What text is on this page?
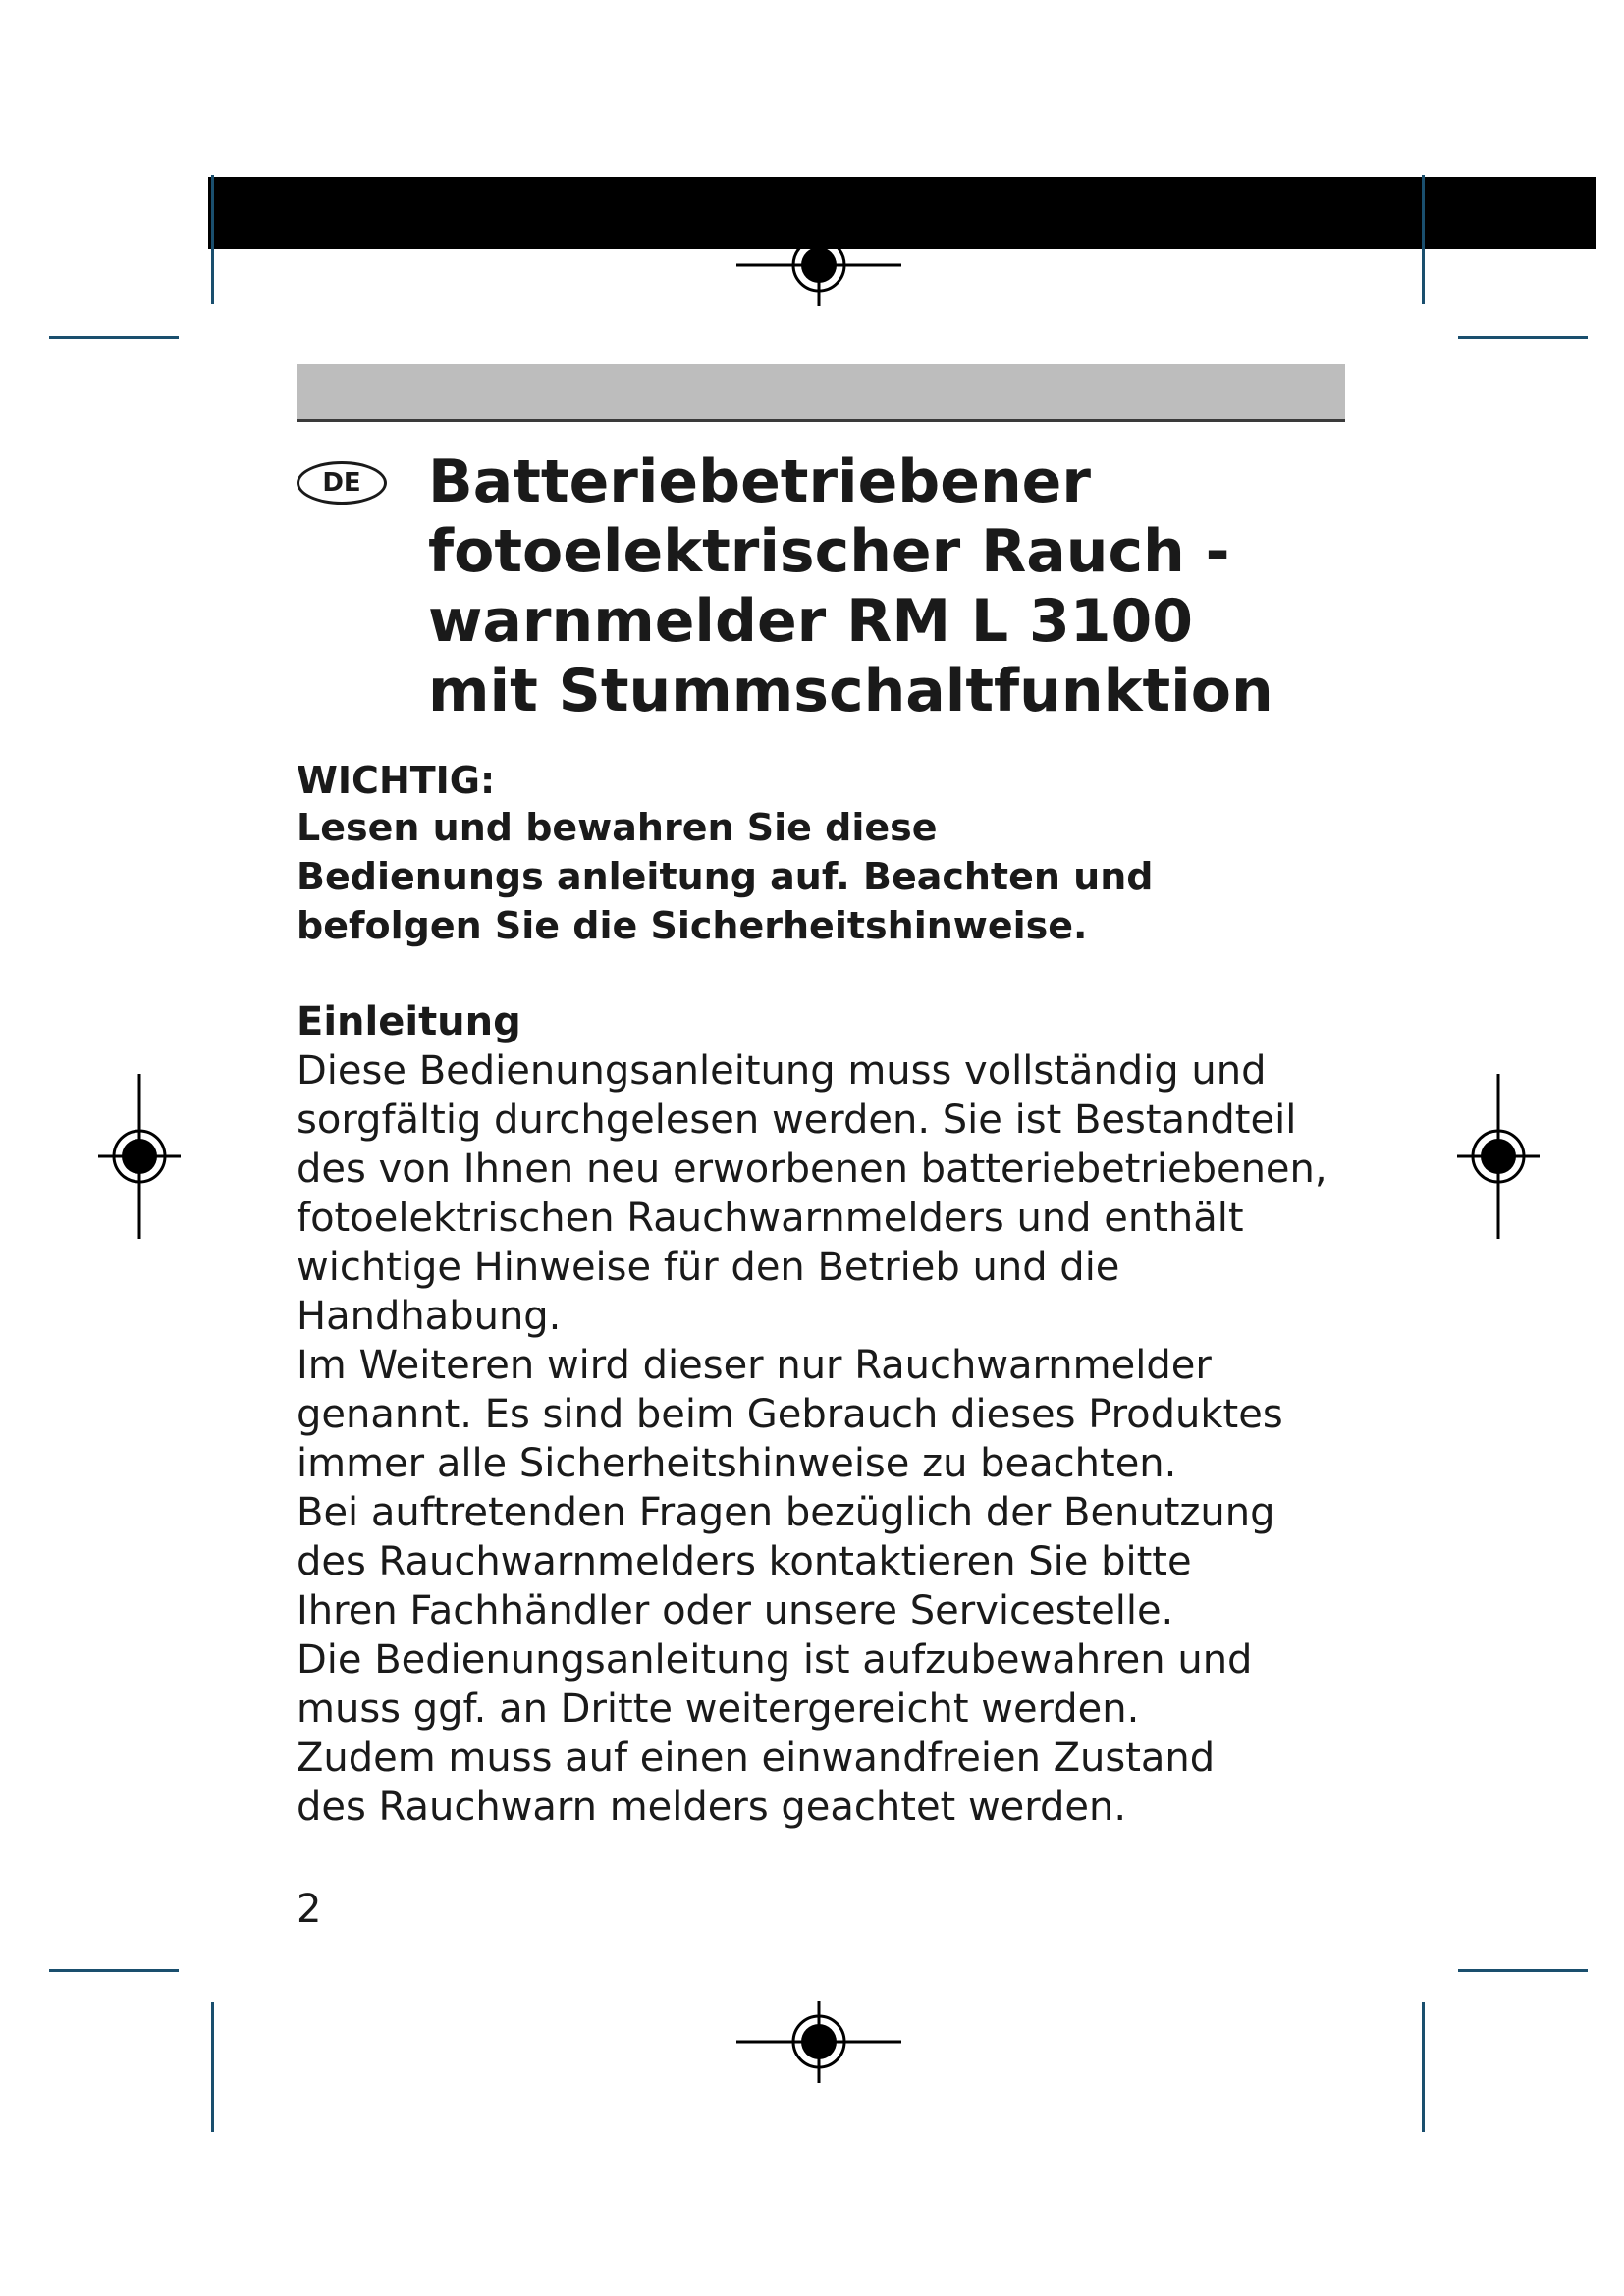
DE Batteriebetriebener
fotoelektrischer Rauch -
warnmelder RM L 3100
mit Stummschaltfunktion
WICHTIG:
Lesen und bewahren Sie diese
Bedienungs anleitung auf. Beachten und
befolgen Sie die Sicherheitshinweise.
Einleitung
Diese Bedienungsanleitung muss vollständig und
sorgfältig durchgelesen werden. Sie ist Bestandteil
des von Ihnen neu erworbenen batteriebetriebenen,
fotoelektrischen Rauchwarnmelders und enthält
wichtige Hinweise für den Betrieb und die
Handhabung.
Im Weiteren wird dieser nur Rauchwarnmelder
genannt. Es sind beim Gebrauch dieses Produktes
immer alle Sicherheitshinweise zu beachten.
Bei auftretenden Fragen bezüglich der Benutzung
des Rauchwarnmelders kontaktieren Sie bitte
Ihren Fachhändler oder unsere Servicestelle.
Die Bedienungsanleitung ist aufzubewahren und
muss ggf. an Dritte weitergereicht werden.
Zudem muss auf einen einwandfreien Zustand
des Rauchwarn melders geachtet werden.
2
